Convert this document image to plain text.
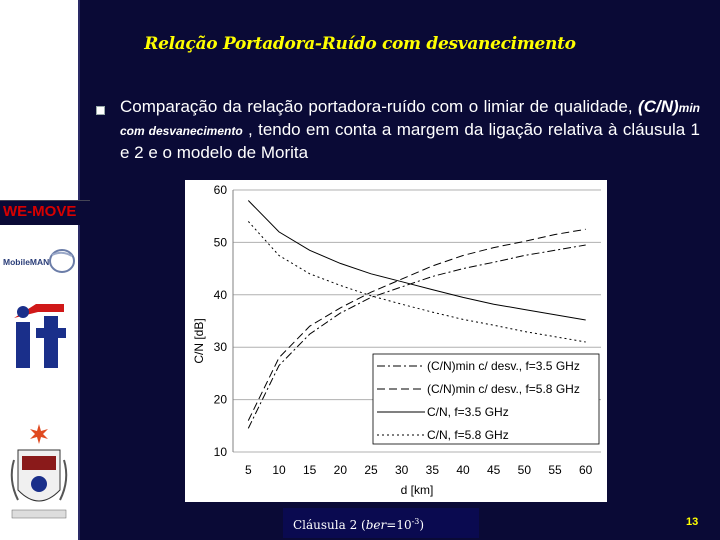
Relação Portadora-Ruído com desvanecimento
Comparação da relação portadora-ruído com o limiar de qualidade, (C/N)min com desvanecimento , tendo em conta a margem da ligação relativa à cláusula 1 e 2 e o modelo de Morita
WE-MOVE
MobileMAN
10
20
30
40
50
60
5 10 15 20 25 30 35 40 45 50 55 60
d [km]
C/N [dB]
(C/N)min c/ desv., f=3.5 GHz
(C/N)min c/ desv., f=5.8 GHz
C/N, f=3.5 GHz
C/N, f=5.8 GHz
Cláusula 2 $(ber=10^{-3})$	13
